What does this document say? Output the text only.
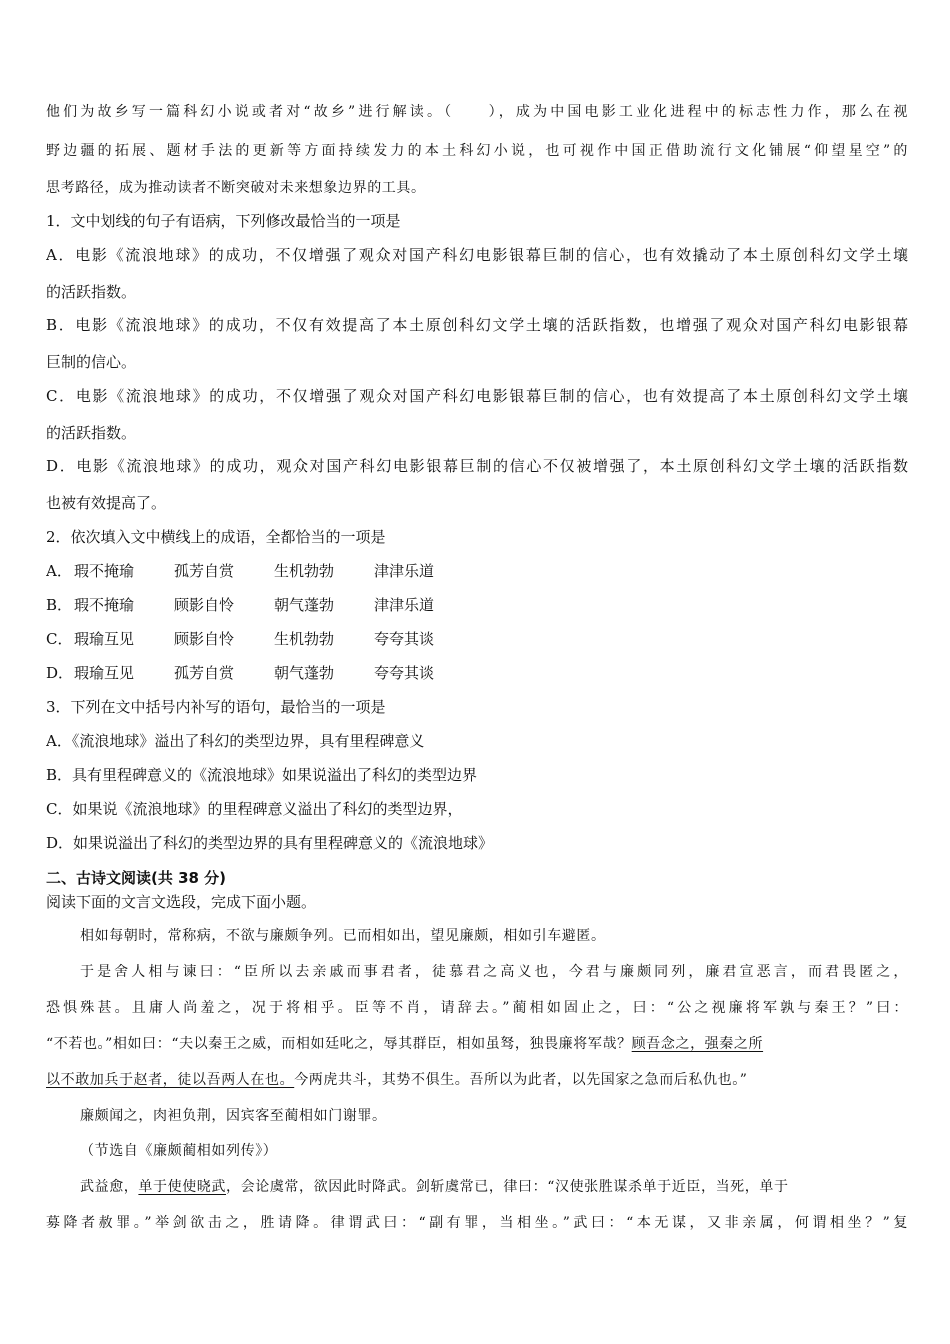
他们为故乡写一篇科幻小说或者对“故乡”进行解读。（　　），成为中国电影工业化进程中的标志性力作，那么在视

野边疆的拓展、题材手法的更新等方面持续发力的本土科幻小说，也可视作中国正借助流行文化铺展“仰望星空”的

思考路径，成为推动读者不断突破对未来想象边界的工具。

1．文中划线的句子有语病，下列修改最恰当的一项是

A．电影《流浪地球》的成功，不仅增强了观众对国产科幻电影银幕巨制的信心，也有效撬动了本土原创科幻文学土壤

的活跃指数。

B．电影《流浪地球》的成功，不仅有效提高了本土原创科幻文学土壤的活跃指数，也增强了观众对国产科幻电影银幕

巨制的信心。

C．电影《流浪地球》的成功，不仅增强了观众对国产科幻电影银幕巨制的信心，也有效提高了本土原创科幻文学土壤

的活跃指数。

D．电影《流浪地球》的成功，观众对国产科幻电影银幕巨制的信心不仅被增强了，本土原创科幻文学土壤的活跃指数

也被有效提高了。

2．依次填入文中横线上的成语，全都恰当的一项是

A． 瑕不掩瑜	孤芳自赏	生机勃勃	津津乐道
B． 瑕不掩瑜	顾影自怜	朝气蓬勃	津津乐道
C． 瑕瑜互见	顾影自怜	生机勃勃	夸夸其谈
D． 瑕瑜互见	孤芳自赏	朝气蓬勃	夸夸其谈

3．下列在文中括号内补写的语句，最恰当的一项是

A．《流浪地球》溢出了科幻的类型边界，具有里程碑意义

B．具有里程碑意义的《流浪地球》如果说溢出了科幻的类型边界

C．如果说《流浪地球》的里程碑意义溢出了科幻的类型边界，

D．如果说溢出了科幻的类型边界的具有里程碑意义的《流浪地球》

二、古诗文阅读(共 38 分)

阅读下面的文言文选段，完成下面小题。

相如每朝时，常称病，不欲与廉颇争列。已而相如出，望见廉颇，相如引车避匿。

于是舍人相与谏曰：“臣所以去亲戚而事君者，徒慕君之高义也，今君与廉颇同列，廉君宣恶言，而君畏匿之，

恐惧殊甚。且庸人尚羞之，况于将相乎。臣等不肖，请辞去。”蔺相如固止之，曰：“公之视廉将军孰与秦王？”曰：

“不若也。”相如曰：“夫以秦王之威，而相如廷叱之，辱其群臣，相如虽驽，独畏廉将军哉？顾吾念之，强秦之所

以不敢加兵于赵者，徒以吾两人在也。今两虎共斗，其势不俱生。吾所以为此者，以先国家之急而后私仇也。”

廉颇闻之，肉袒负荆，因宾客至蔺相如门谢罪。

（节选自《廉颇蔺相如列传》）

武益愈，单于使使晓武，会论虞常，欲因此时降武。剑斩虞常已，律曰：“汉使张胜谋杀单于近臣，当死，单于

募降者赦罪。”举剑欲击之，胜请降。律谓武曰：“副有罪，当相坐。”武曰：“本无谋，又非亲属，何谓相坐？”复
